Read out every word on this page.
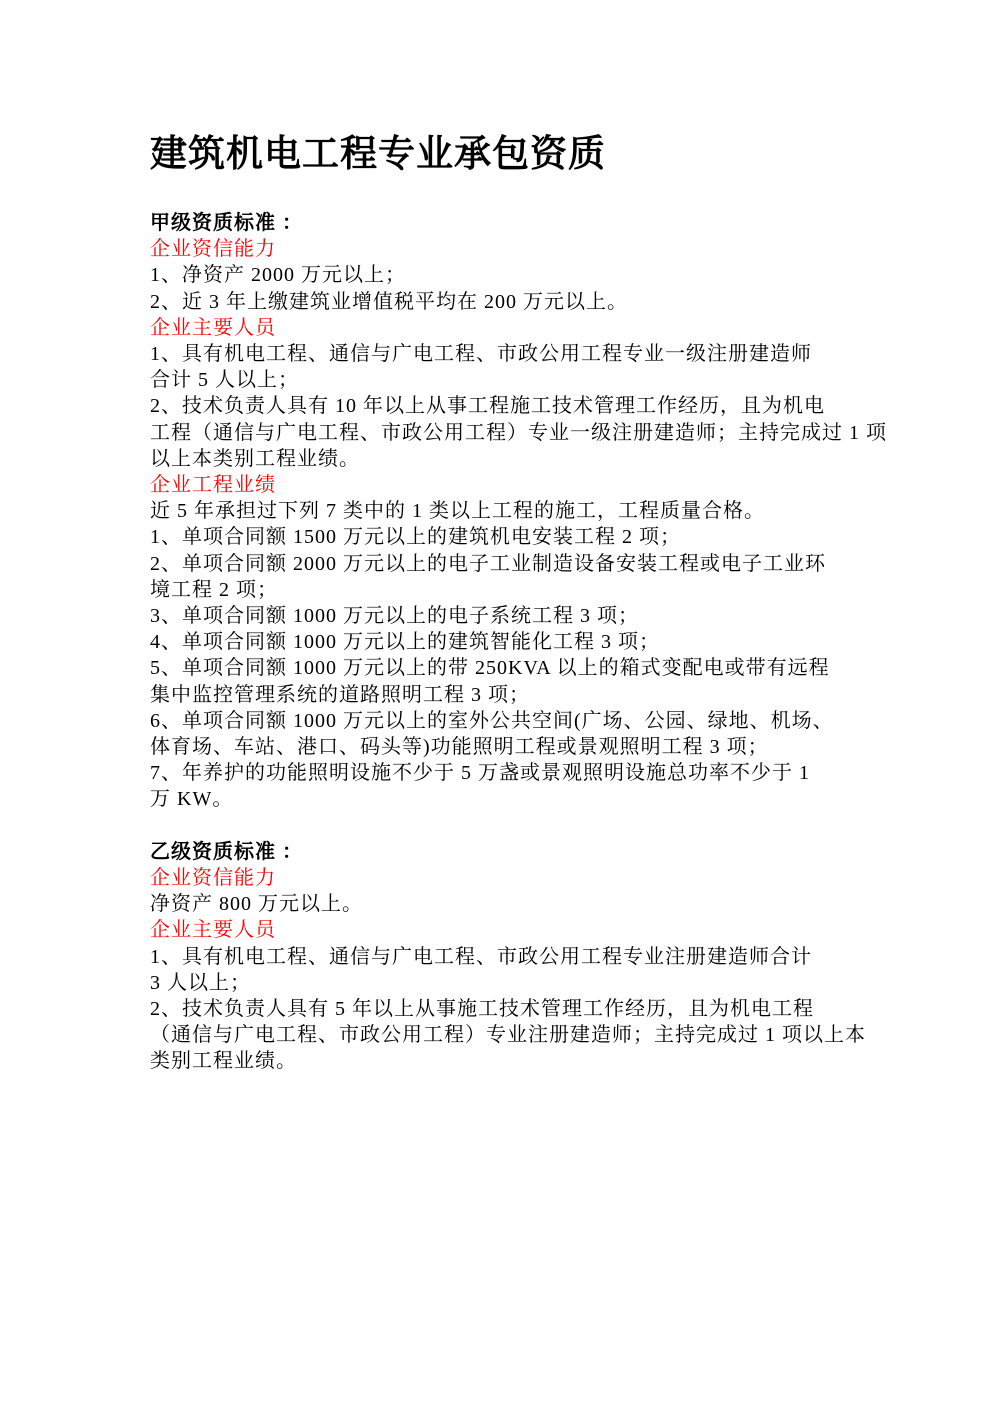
建筑机电工程专业承包资质
甲级资质标准 ：
企业资信能力
1、净资产 2000 万元以上；
2、近 3 年上缴建筑业增值税平均在 200 万元以上。
企业主要人员
1、具有机电工程、通信与广电工程、市政公用工程专业一级注册建造师
合计 5 人以上；
2、技术负责人具有 10 年以上从事工程施工技术管理工作经历，且为机电
工程（通信与广电工程、市政公用工程）专业一级注册建造师；主持完成过 1 项
以上本类别工程业绩。
企业工程业绩
近 5 年承担过下列 7 类中的 1 类以上工程的施工，工程质量合格。
1、单项合同额 1500 万元以上的建筑机电安装工程 2 项；
2、单项合同额 2000 万元以上的电子工业制造设备安装工程或电子工业环
境工程 2 项；
3、单项合同额 1000 万元以上的电子系统工程 3 项；
4、单项合同额 1000 万元以上的建筑智能化工程 3 项；
5、单项合同额 1000 万元以上的带 250KVA 以上的箱式变配电或带有远程
集中监控管理系统的道路照明工程 3 项；
6、单项合同额 1000 万元以上的室外公共空间(广场、公园、绿地、机场、
体育场、车站、港口、码头等)功能照明工程或景观照明工程 3 项；
7、年养护的功能照明设施不少于 5 万盏或景观照明设施总功率不少于 1
万 KW。
乙级资质标准 ：
企业资信能力
净资产 800 万元以上。
企业主要人员
1、具有机电工程、通信与广电工程、市政公用工程专业注册建造师合计
3 人以上；
2、技术负责人具有 5 年以上从事施工技术管理工作经历，且为机电工程
（通信与广电工程、市政公用工程）专业注册建造师；主持完成过 1 项以上本
类别工程业绩。
